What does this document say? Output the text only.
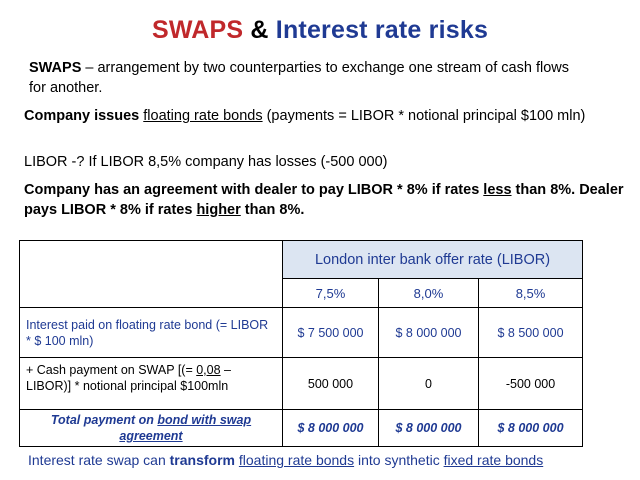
SWAPS & Interest rate risks
SWAPS – arrangement by two counterparties to exchange one stream of cash flows for another.
Company issues floating rate bonds (payments = LIBOR * notional principal $100 mln)
LIBOR -? If LIBOR 8,5% company has losses (-500 000)
Company has an agreement with dealer to pay LIBOR * 8% if rates less than 8%. Dealer pays LIBOR * 8% if rates higher than 8%.
	London inter bank offer rate (LIBOR)		
	7,5%	8,0%	8,5%
Interest paid on floating rate bond (= LIBOR * $ 100 mln)	$ 7 500 000	$ 8 000 000	$ 8 500 000
+ Cash payment on SWAP [(= 0,08 –LIBOR)] * notional principal $100mln	500 000	0	-500 000
Total payment on bond with swap agreement	$ 8 000 000	$ 8 000 000	$ 8 000 000
Interest rate swap can transform floating rate bonds into synthetic fixed rate bonds
